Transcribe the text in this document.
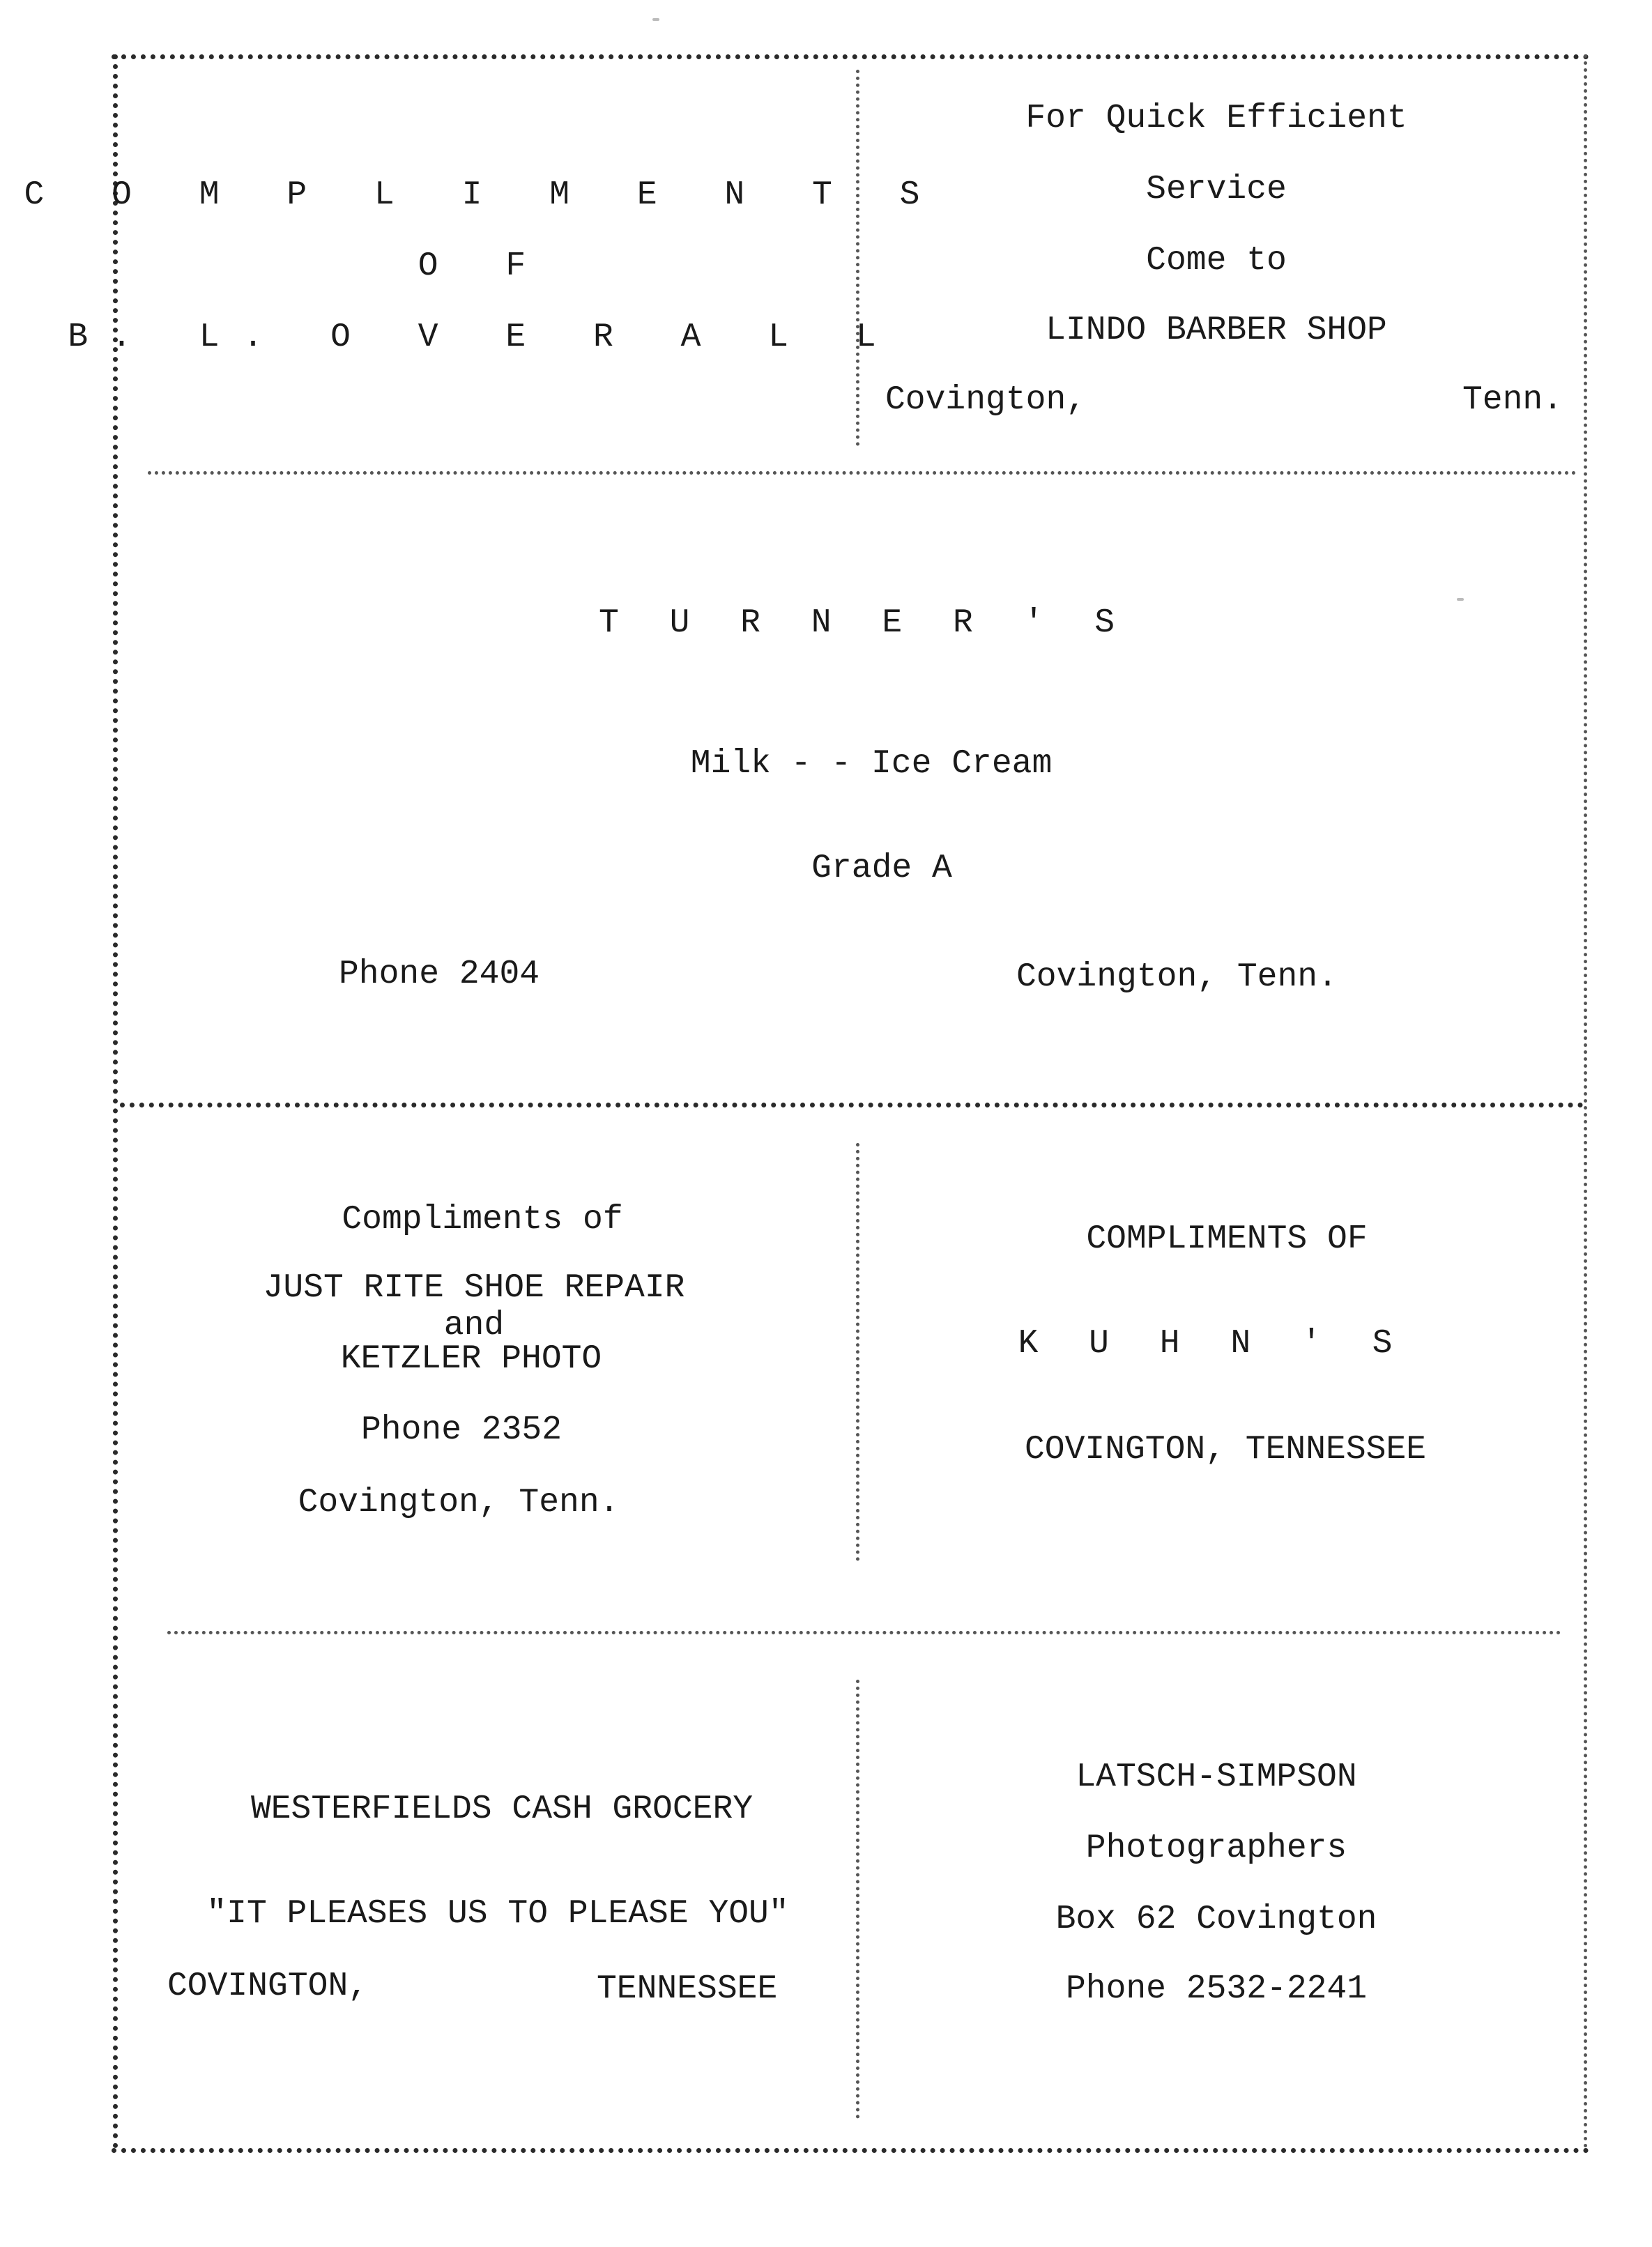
C O M P L I M E N T S
O F
B. L. O V E R A L L
For Quick Efficient
Service
Come to
LINDO BARBER SHOP
Covington,	Tenn.
T U R N E R ' S
Milk - - Ice Cream
Grade A
Phone 2404	Covington, Tenn.
Compliments of
JUST RITE SHOE REPAIR
and
KETZLER PHOTO
Phone 2352
Covington, Tenn.
COMPLIMENTS OF
K U H N ' S
COVINGTON, TENNESSEE
WESTERFIELDS CASH GROCERY
"IT PLEASES US TO PLEASE YOU"
COVINGTON,	TENNESSEE
LATSCH-SIMPSON
Photographers
Box 62 Covington
Phone 2532-2241
